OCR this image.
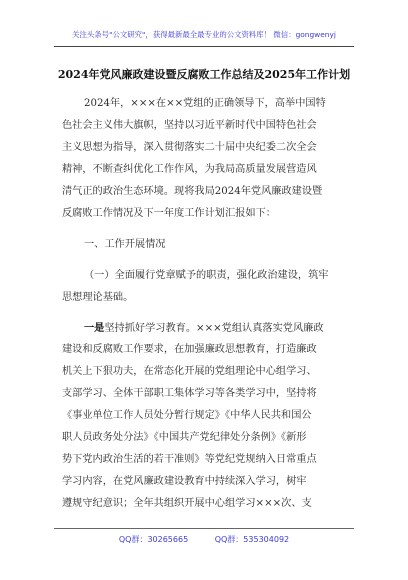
关注头条号"公文研究"，获得最新最全最专业的公文资料库！ 微信：gongwenyj
2024年党风廉政建设暨反腐败工作总结及2025年工作计划
2024年，×××在××党组的正确领导下，高举中国特
色社会主义伟大旗帜，坚持以习近平新时代中国特色社会
主义思想为指导，深入贯彻落实二十届中央纪委二次全会
精神，不断查纠优化工作作风，为我局高质量发展营造风
清气正的政治生态环境。现将我局2024年党风廉政建设暨
反腐败工作情况及下一年度工作计划汇报如下：
一、工作开展情况
（一）全面履行党章赋予的职责，强化政治建设，筑牢
思想理论基础。
一是坚持抓好学习教育。×××党组认真落实党风廉政
建设和反腐败工作要求，在加强廉政思想教育，打造廉政
机关上下狠功夫，在常态化开展的党组理论中心组学习、
支部学习、全体干部职工集体学习等各类学习中，坚持将
《事业单位工作人员处分暂行规定》《中华人民共和国公
职人员政务处分法》《中国共产党纪律处分条例》《新形
势下党内政治生活的若干准则》等党纪党规纳入日常重点
学习内容，在党风廉政建设教育中持续深入学习，树牢
遵规守纪意识；全年共组织开展中心组学习×××次、支
QQ群：30265665	QQ群：535304092
